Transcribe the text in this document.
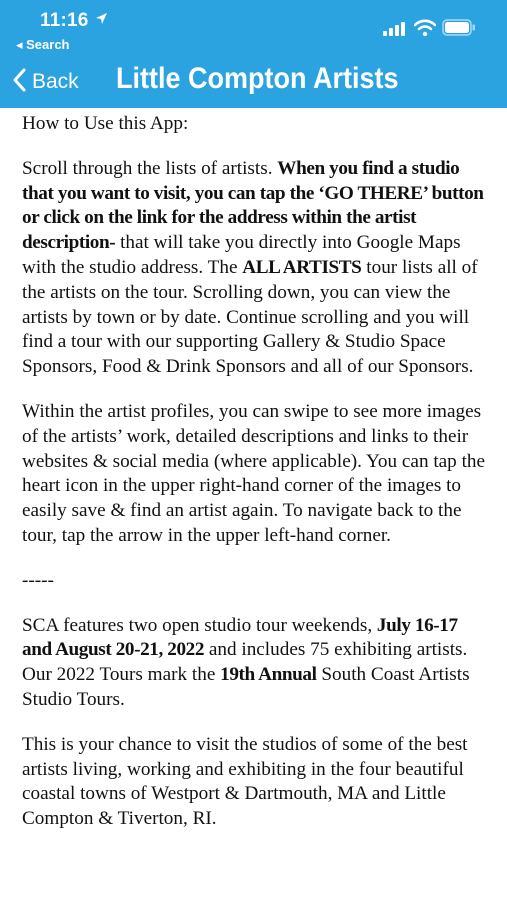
11:16
◂ Search
Back Little Compton Artists

How to Use this App:

Scroll through the lists of artists. When you find a studio that you want to visit, you can tap the ‘GO THERE’ button or click on the link for the address within the artist description- that will take you directly into Google Maps with the studio address. The ALL ARTISTS tour lists all of the artists on the tour. Scrolling down, you can view the artists by town or by date. Continue scrolling and you will find a tour with our supporting Gallery & Studio Space Sponsors, Food & Drink Sponsors and all of our Sponsors.

Within the artist profiles, you can swipe to see more images of the artists’ work, detailed descriptions and links to their websites & social media (where applicable). You can tap the heart icon in the upper right-hand corner of the images to easily save & find an artist again. To navigate back to the tour, tap the arrow in the upper left-hand corner.

-----

SCA features two open studio tour weekends, July 16-17 and August 20-21, 2022 and includes 75 exhibiting artists. Our 2022 Tours mark the 19th Annual South Coast Artists Studio Tours.

This is your chance to visit the studios of some of the best artists living, working and exhibiting in the four beautiful coastal towns of Westport & Dartmouth, MA and Little Compton & Tiverton, RI.
